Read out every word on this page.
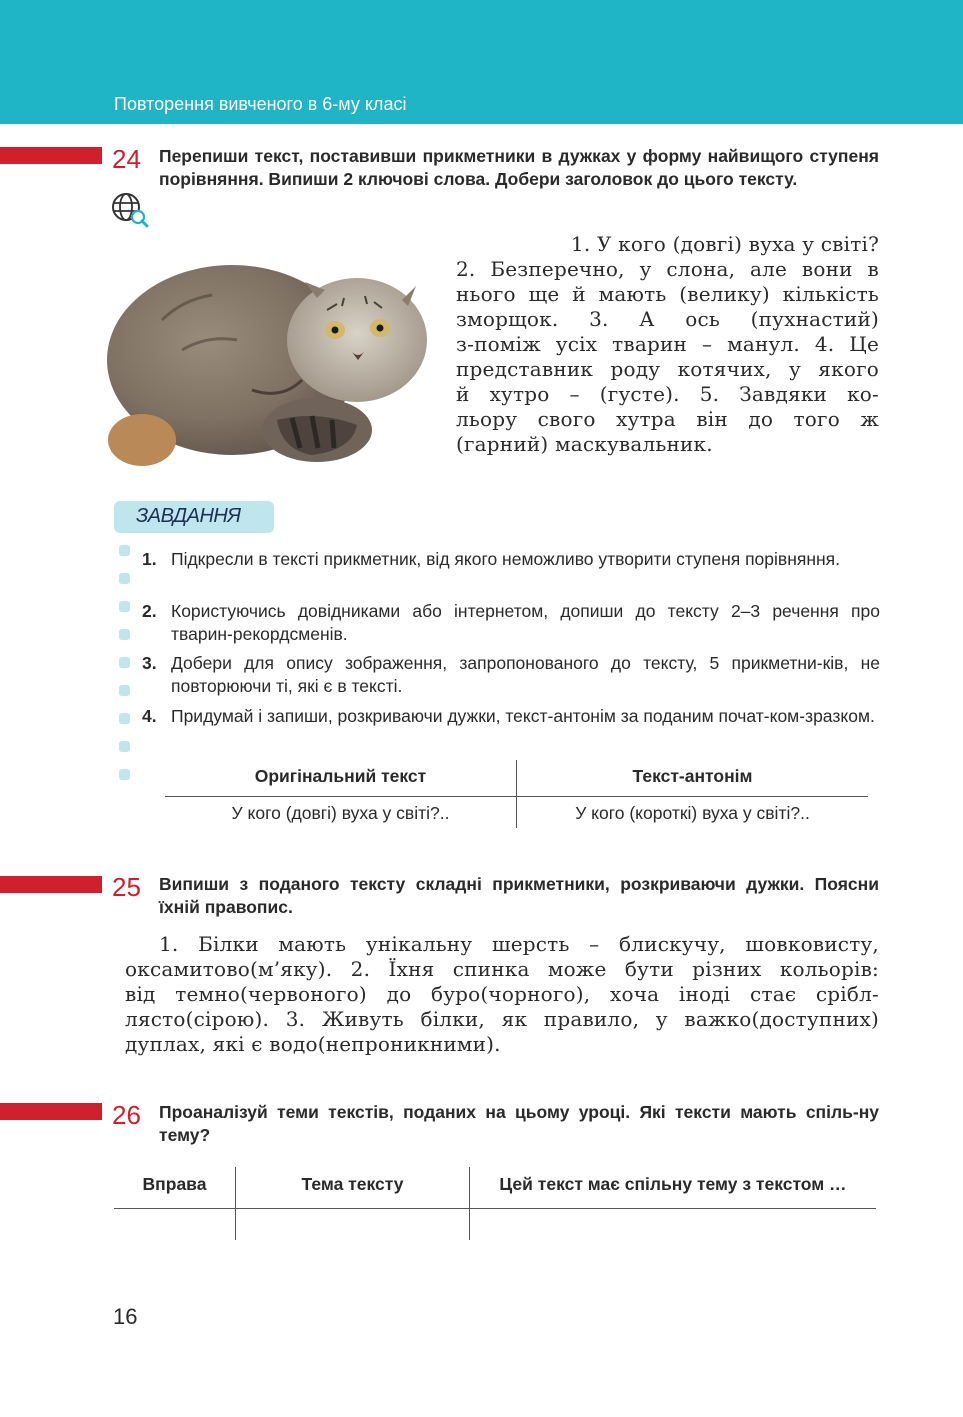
Повторення вивченого в 6-му класі
24 Перепиши текст, поставивши прикметники в дужках у форму найвищого ступеня порівняння. Випиши 2 ключові слова. Добери заголовок до цього тексту.
1. У кого (довгі) вуха у світі?
2. Безперечно, у слона, але вони в
нього ще й мають (велику) кількість
зморщок. 3. А ось (пухнастий)
з-поміж усіх тварин – манул. 4. Це
представник роду котячих, у якого
й хутро – (густе). 5. Завдяки ко-
льору свого хутра він до того ж
(гарний) маскувальник.
ЗАВДАННЯ
1. Підкресли в тексті прикметник, від якого неможливо утворити ступеня порівняння.
2. Користуючись довідниками або інтернетом, допиши до тексту 2–3 речення про тварин-рекордсменів.
3. Добери для опису зображення, запропонованого до тексту, 5 прикметни-ків, не повторюючи ті, які є в тексті.
4. Придумай і запиши, розкриваючи дужки, текст-антонім за поданим почат-ком-зразком.
Оригінальний текст	Текст-антонім
У кого (довгі) вуха у світі?..	У кого (короткі) вуха у світі?..
25 Випиши з поданого тексту складні прикметники, розкриваючи дужки. Поясни їхній правопис.
1. Білки мають унікальну шерсть – блискучу, шовковисту,
оксамитово(м’яку). 2. Їхня спинка може бути різних кольорів:
від темно(червоного) до буро(чорного), хоча іноді стає срібл-
лясто(сірою). 3. Живуть білки, як правило, у важко(доступних)
дуплах, які є водо(непроникними).
26 Проаналізуй теми текстів, поданих на цьому уроці. Які тексти мають спіль-ну тему?
Вправа	Тема тексту	Цей текст має спільну тему з текстом …
16
